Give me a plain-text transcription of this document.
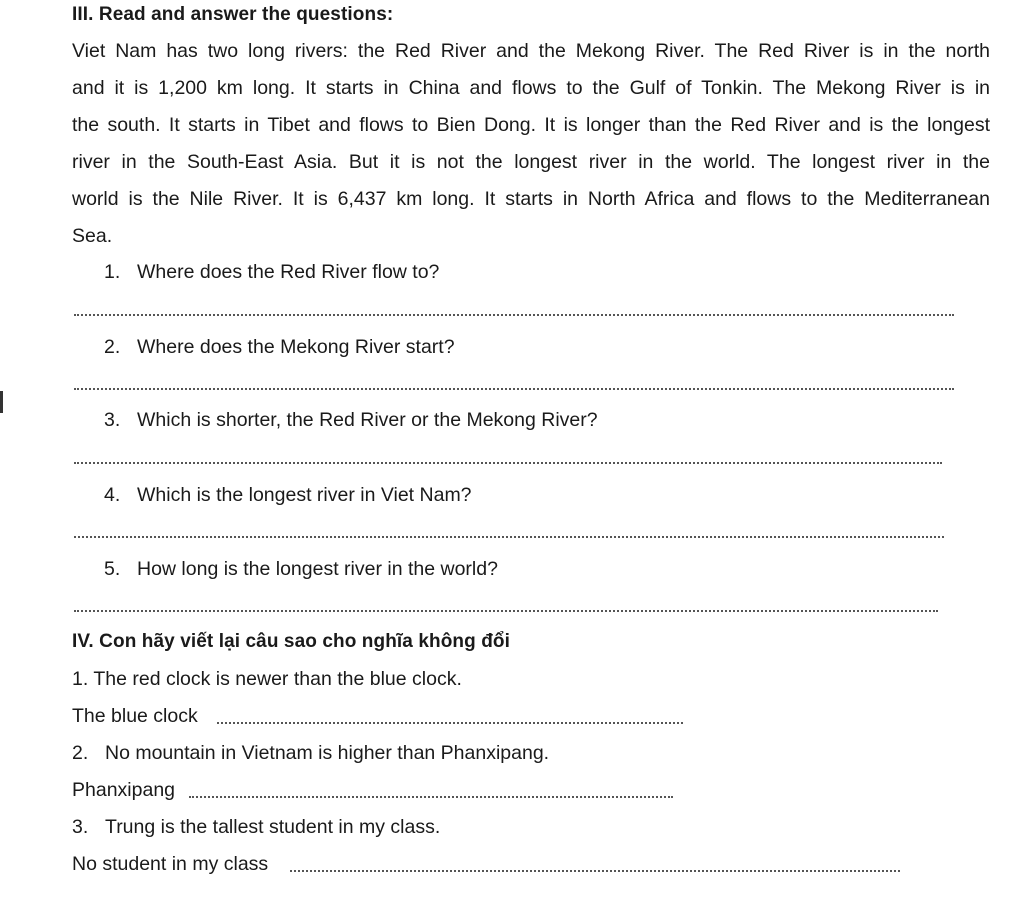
III. Read and answer the questions:
Viet Nam has two long rivers: the Red River and the Mekong River. The Red River is in the north
and it is 1,200 km long. It starts in China and flows to the Gulf of Tonkin. The Mekong River is in
the south. It starts in Tibet and flows to Bien Dong. It is longer than the Red River and is the longest
river in the South-East Asia. But it is not the longest river in the world. The longest river in the
world is the Nile River. It is 6,437 km long. It starts in North Africa and flows to the Mediterranean
Sea.
1. Where does the Red River flow to?
2. Where does the Mekong River start?
3. Which is shorter, the Red River or the Mekong River?
4. Which is the longest river in Viet Nam?
5. How long is the longest river in the world?
IV. Con hãy viết lại câu sao cho nghĩa không đổi
1. The red clock is newer than the blue clock.
The blue clock
2. No mountain in Vietnam is higher than Phanxipang.
Phanxipang
3. Trung is the tallest student in my class.
No student in my class
